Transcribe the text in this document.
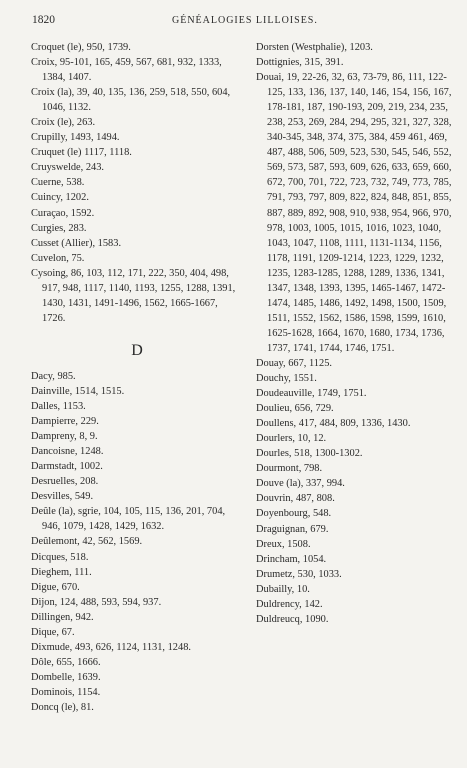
1820	GÉNÉALOGIES LILLOISES.
Croquet (le), 950, 1739.
Croix, 95-101, 165, 459, 567, 681, 932, 1333, 1384, 1407.
Croix (la), 39, 40, 135, 136, 259, 518, 550, 604, 1046, 1132.
Croix (le), 263.
Crupilly, 1493, 1494.
Cruquet (le) 1117, 1118.
Cruyswelde, 243.
Cuerne, 538.
Cuincy, 1202.
Curaçao, 1592.
Curgies, 283.
Cusset (Allier), 1583.
Cuvelon, 75.
Cysoing, 86, 103, 112, 171, 222, 350, 404, 498, 917, 948, 1117, 1140, 1193, 1255, 1288, 1391, 1430, 1431, 1491-1496, 1562, 1665-1667, 1726.
D
Dacy, 985.
Dainville, 1514, 1515.
Dalles, 1153.
Dampierre, 229.
Dampreny, 8, 9.
Dancoisne, 1248.
Darmstadt, 1002.
Desruelles, 208.
Desvilles, 549.
Deûle (la), sgrie, 104, 105, 115, 136, 201, 704, 946, 1079, 1428, 1429, 1632.
Deûlemont, 42, 562, 1569.
Dicques, 518.
Dieghem, 111.
Digue, 670.
Dijon, 124, 488, 593, 594, 937.
Dillingen, 942.
Dique, 67.
Dixmude, 493, 626, 1124, 1131, 1248.
Dôle, 655, 1666.
Dombelle, 1639.
Dominois, 1154.
Doncq (le), 81.
Dorsten (Westphalie), 1203.
Dottignies, 315, 391.
Douai, 19, 22-26, 32, 63, 73-79, 86, 111, 122-125, 133, 136, 137, 140, 146, 154, 156, 167, 178-181, 187, 190-193, 209, 219, 234, 235, 238, 253, 269, 284, 294, 295, 321, 327, 328, 340-345, 348, 374, 375, 384, 459 461, 469, 487, 488, 506, 509, 523, 530, 545, 546, 552, 569, 573, 587, 593, 609, 626, 633, 659, 660, 672, 700, 701, 722, 723, 732, 749, 773, 785, 791, 793, 797, 809, 822, 824, 848, 851, 855, 887, 889, 892, 908, 910, 938, 954, 966, 970, 978, 1003, 1005, 1015, 1016, 1023, 1040, 1043, 1047, 1108, 1111, 1131-1134, 1156, 1178, 1191, 1209-1214, 1223, 1229, 1232, 1235, 1283-1285, 1288, 1289, 1336, 1341, 1347, 1348, 1393, 1395, 1465-1467, 1472-1474, 1485, 1486, 1492, 1498, 1500, 1509, 1511, 1552, 1562, 1586, 1598, 1599, 1610, 1625-1628, 1664, 1670, 1680, 1734, 1736, 1737, 1741, 1744, 1746, 1751.
Douay, 667, 1125.
Douchy, 1551.
Doudeauville, 1749, 1751.
Doulieu, 656, 729.
Doullens, 417, 484, 809, 1336, 1430.
Dourlers, 10, 12.
Dourles, 518, 1300-1302.
Dourmont, 798.
Douve (la), 337, 994.
Douvrin, 487, 808.
Doyenbourg, 548.
Draguignan, 679.
Dreux, 1508.
Drincham, 1054.
Drumetz, 530, 1033.
Dubailly, 10.
Duldrency, 142.
Duldreucq, 1090.
